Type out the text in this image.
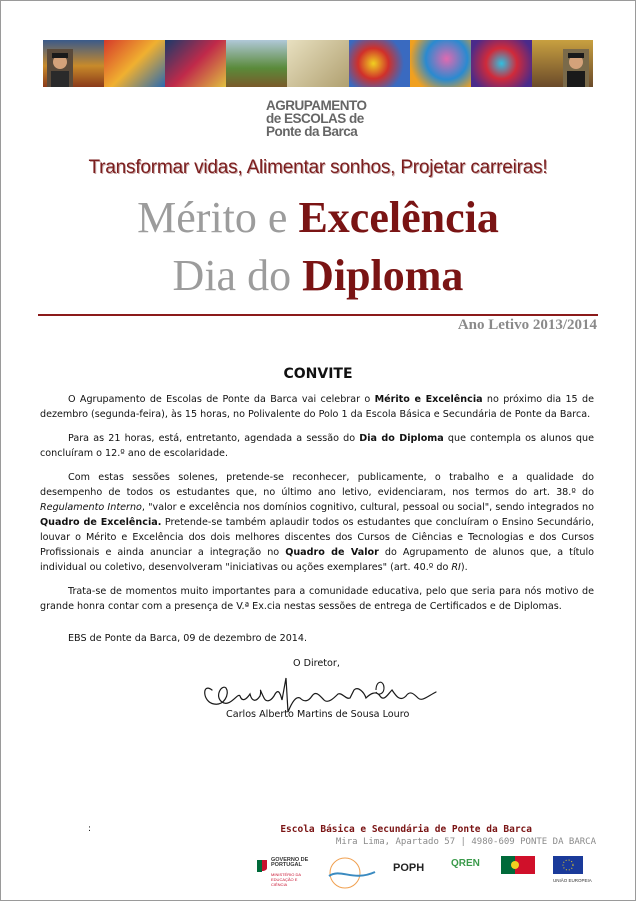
AGRUPAMENTO
de ESCOLAS de
Ponte da Barca
Transformar vidas, Alimentar sonhos, Projetar carreiras!
Mérito e Excelência
Dia do Diploma
Ano Letivo 2013/2014
CONVITE

O Agrupamento de Escolas de Ponte da Barca vai celebrar o Mérito e Excelência no próximo dia 15 de dezembro (segunda-feira), às 15 horas, no Polivalente do Polo 1 da Escola Básica e Secundária de Ponte da Barca.

Para as 21 horas, está, entretanto, agendada a sessão do Dia do Diploma que contempla os alunos que concluíram o 12.º ano de escolaridade.

Com estas sessões solenes, pretende-se reconhecer, publicamente, o trabalho e a qualidade do desempenho de todos os estudantes que, no último ano letivo, evidenciaram, nos termos do art. 38.º do Regulamento Interno, "valor e excelência nos domínios cognitivo, cultural, pessoal ou social", sendo integrados no Quadro de Excelência. Pretende-se também aplaudir todos os estudantes que concluíram o Ensino Secundário, louvar o Mérito e Excelência dos dois melhores discentes dos Cursos de Ciências e Tecnologias e dos Cursos Profissionais e ainda anunciar a integração no Quadro de Valor do Agrupamento de alunos que, a título individual ou coletivo, desenvolveram "iniciativas ou ações exemplares" (art. 40.º do RI).

Trata-se de momentos muito importantes para a comunidade educativa, pelo que seria para nós motivo de grande honra contar com a presença de V.ª Ex.cia nestas sessões de entrega de Certificados e de Diplomas.

EBS de Ponte da Barca, 09 de dezembro de 2014.
O Diretor,
Carlos Alberto Martins de Sousa Louro
:	Escola Básica e Secundária de Ponte da Barca
Mira Lima, Apartado 57 | 4980-609 PONTE DA BARCA
GOVERNO DE PORTUGAL
MINISTÉRIO DA EDUCAÇÃO E CIÊNCIA
POPH	QREN
UNIÃO EUROPEIA
